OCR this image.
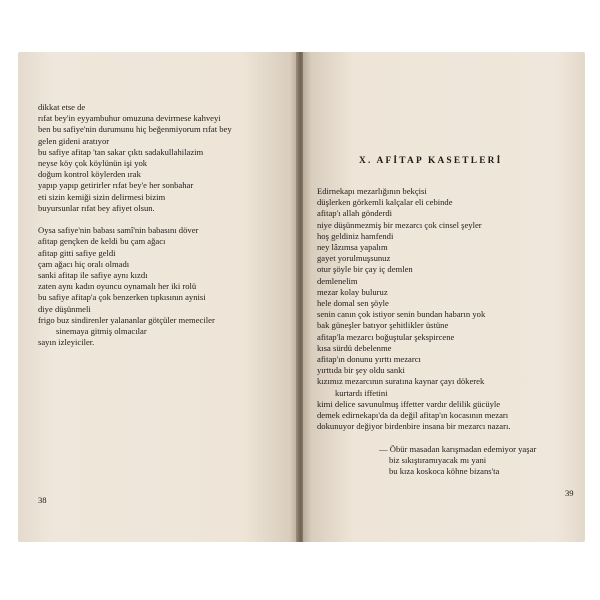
dikkat etse de
rıfat bey'in eyyambuhur omuzuna devirmese kahveyi
ben bu safiye'nin durumunu hiç beğenmiyorum rıfat bey
gelen gideni aratıyor
bu safiye afitap 'tan sakar çıktı sadakullahilazim
neyse köy çok köylünün işi yok
doğum kontrol köylerden ırak
yapıp yapıp getirirler rıfat bey'e her sonbahar
eti sizin kemiği sizin delirmesi bizim
buyursunlar rıfat bey afiyet olsun.
Oysa safiye'nin babası samî'nin babasını döver
afitap gençken de keldi bu çam ağacı
afitap gitti safiye geldi
çam ağacı hiç oralı olmadı
sanki afitap ile safiye aynı kızdı
zaten aynı kadın oyuncu oynamalı her iki rolü
bu safiye afitap'a çok benzerken tıpkısının aynisi
diye düşünmeli
frigo buz sindirenler yalananlar götçüler memeciler
sinemaya gitmiş olmacılar
sayın izleyiciler.
38
X. AFİTAP KASETLERİ
Edirnekapı mezarlığının bekçisi
düşlerken görkemli kalçalar eli cebinde
afitap'ı allah gönderdi
niye düşünmezmiş bir mezarcı çok cinsel şeyler
hoş geldiniz hamfendi
ney lâzımsa yapalım
gayet yorulmuşsunuz
otur şöyle bir çay iç demlen
demlenelim
mezar kolay buluruz
hele domal sen şöyle
senin canın çok istiyor senin bundan habarın yok
bak güneşler batıyor şehitlikler üstüne
afitap'la mezarcı boğuştular şekspircene
kısa sürdü debelenme
afitap'ın donunu yırttı mezarcı
yırttıda bir şey oldu sanki
kızımız mezarcının suratına kaynar çayı dökerek
kurtardı iffetini
kimi delice savunulmuş iffetter vardır delilik gücüyle
demek edirnekapı'da da değil afitap'ın kocasının mezarı
dokunuyor değiyor birdenbire insana bir mezarcı nazarı.
— Öbür masadan karışmadan edemiyor yaşar
biz sıkıştıramıyacak mı yani
bu kıza koskoca köhne bizans'ta
39
